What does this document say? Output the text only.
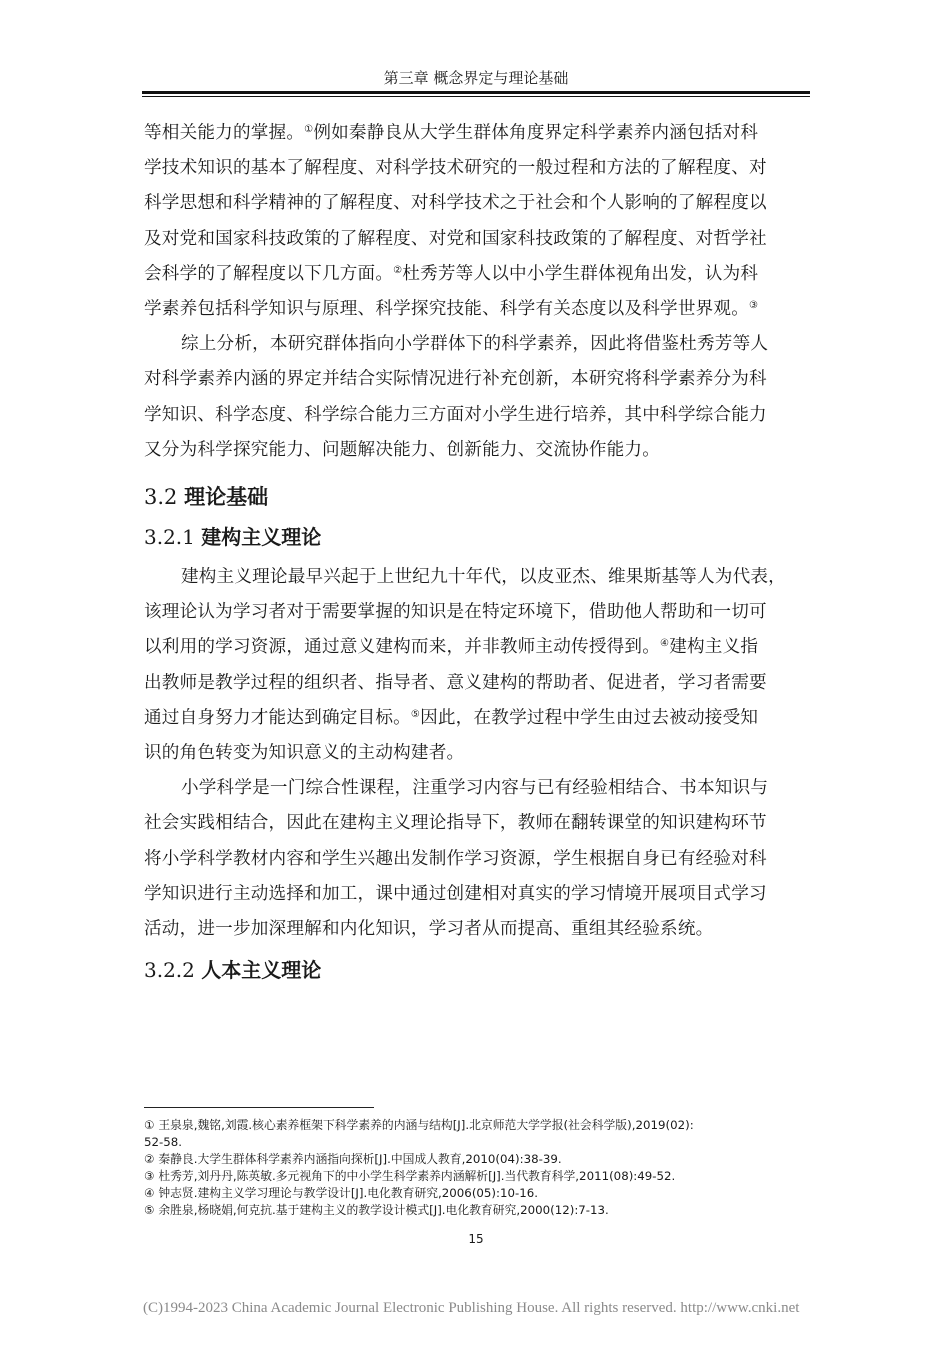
第三章 概念界定与理论基础

等相关能力的掌握。①例如秦静良从大学生群体角度界定科学素养内涵包括对科
学技术知识的基本了解程度、对科学技术研究的一般过程和方法的了解程度、对
科学思想和科学精神的了解程度、对科学技术之于社会和个人影响的了解程度以
及对党和国家科技政策的了解程度、对党和国家科技政策的了解程度、对哲学社
会科学的了解程度以下几方面。②杜秀芳等人以中小学生群体视角出发，认为科
学素养包括科学知识与原理、科学探究技能、科学有关态度以及科学世界观。③

综上分析，本研究群体指向小学群体下的科学素养，因此将借鉴杜秀芳等人
对科学素养内涵的界定并结合实际情况进行补充创新，本研究将科学素养分为科
学知识、科学态度、科学综合能力三方面对小学生进行培养，其中科学综合能力
又分为科学探究能力、问题解决能力、创新能力、交流协作能力。

3.2 理论基础
3.2.1 建构主义理论

建构主义理论最早兴起于上世纪九十年代，以皮亚杰、维果斯基等人为代表，
该理论认为学习者对于需要掌握的知识是在特定环境下，借助他人帮助和一切可
以利用的学习资源，通过意义建构而来，并非教师主动传授得到。④建构主义指
出教师是教学过程的组织者、指导者、意义建构的帮助者、促进者，学习者需要
通过自身努力才能达到确定目标。⑤因此，在教学过程中学生由过去被动接受知
识的角色转变为知识意义的主动构建者。

小学科学是一门综合性课程，注重学习内容与已有经验相结合、书本知识与
社会实践相结合，因此在建构主义理论指导下，教师在翻转课堂的知识建构环节
将小学科学教材内容和学生兴趣出发制作学习资源，学生根据自身已有经验对科
学知识进行主动选择和加工，课中通过创建相对真实的学习情境开展项目式学习
活动，进一步加深理解和内化知识，学习者从而提高、重组其经验系统。

3.2.2 人本主义理论

① 王泉泉,魏铭,刘霞.核心素养框架下科学素养的内涵与结构[J].北京师范大学学报(社会科学版),2019(02):
52-58.

② 秦静良.大学生群体科学素养内涵指向探析[J].中国成人教育,2010(04):38-39.

③ 杜秀芳,刘丹丹,陈英敏.多元视角下的中小学生科学素养内涵解析[J].当代教育科学,2011(08):49-52.

④ 钟志贤.建构主义学习理论与教学设计[J].电化教育研究,2006(05):10-16.

⑤ 余胜泉,杨晓娟,何克抗.基于建构主义的教学设计模式[J].电化教育研究,2000(12):7-13.

15
(C)1994-2023 China Academic Journal Electronic Publishing House. All rights reserved. http://www.cnki.net
